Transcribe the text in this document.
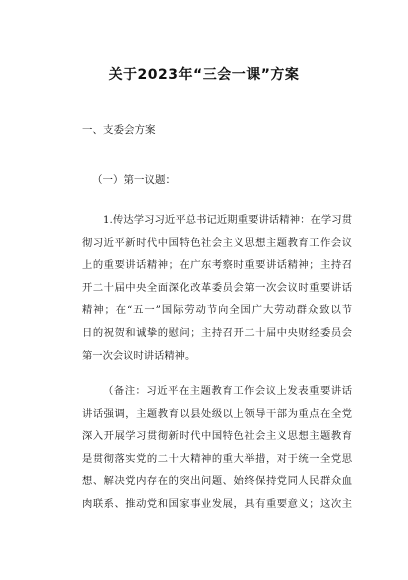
关于2023年“三会一课”方案
一、支委会方案
（一）第一议题：
1.传达学习习近平总书记近期重要讲话精神：在学习贯
彻习近平新时代中国特色社会主义思想主题教育工作会议
上的重要讲话精神；在广东考察时重要讲话精神；主持召
开二十届中央全面深化改革委员会第一次会议时重要讲话
精神；在“五一”国际劳动节向全国广大劳动群众致以节
日的祝贺和诚挚的慰问；主持召开二十届中央财经委员会
第一次会议时讲话精神。
（备注：习近平在主题教育工作会议上发表重要讲话
讲话强调，主题教育以县处级以上领导干部为重点在全党
深入开展学习贯彻新时代中国特色社会主义思想主题教育
是贯彻落实党的二十大精神的重大举措，对于统一全党思
想、解决党内存在的突出问题、始终保持党同人民群众血
肉联系、推动党和国家事业发展，具有重要意义；这次主
